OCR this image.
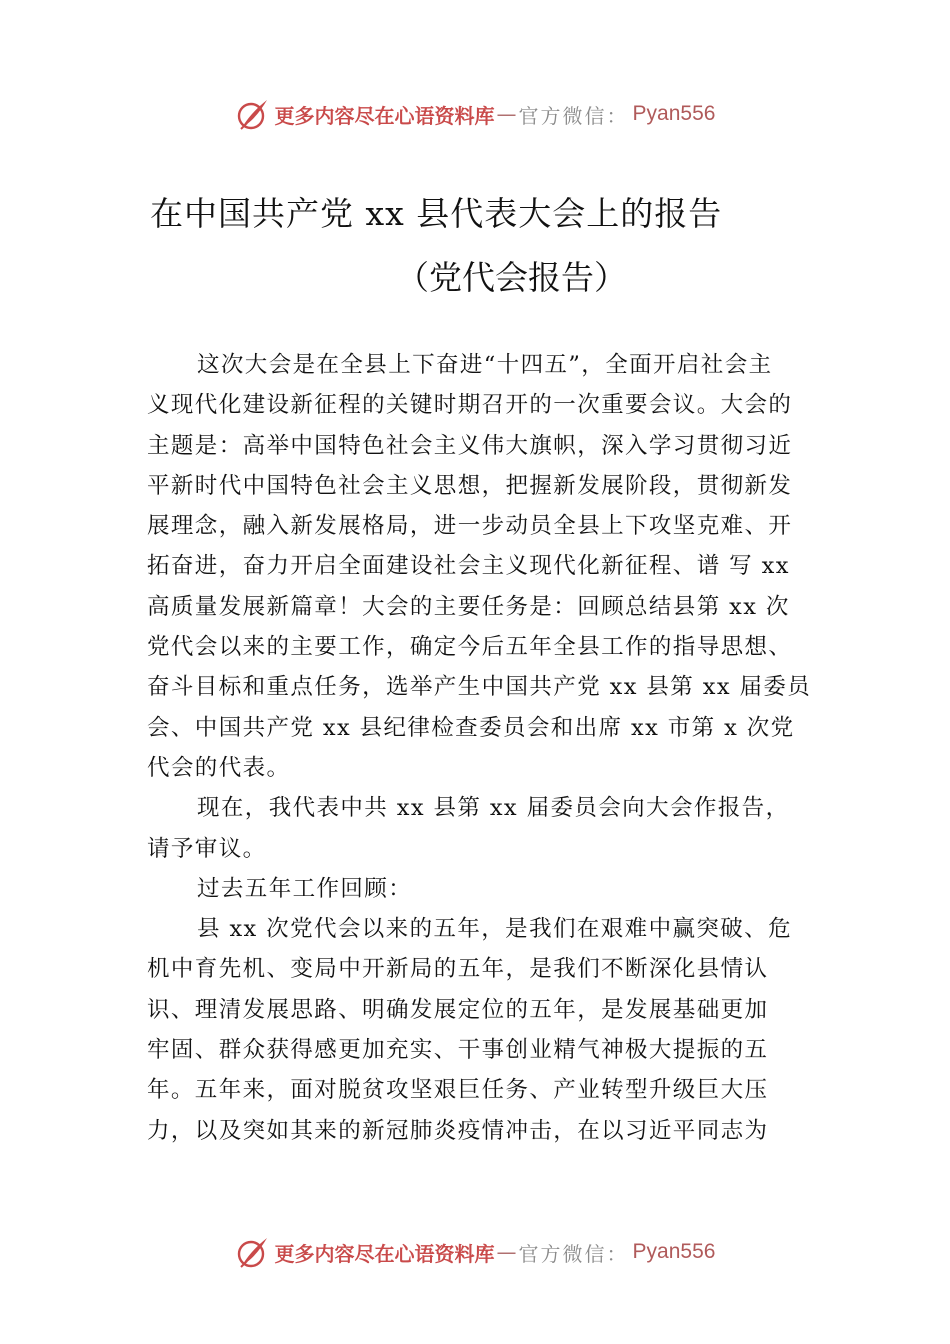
更多内容尽在心语资料库 — 官方微信： Pyan556
在中国共产党 xx 县代表大会上的报告
（党代会报告）
这次大会是在全县上下奋进“十四五”，全面开启社会主
义现代化建设新征程的关键时期召开的一次重要会议。大会的
主题是：高举中国特色社会主义伟大旗帜，深入学习贯彻习近
平新时代中国特色社会主义思想，把握新发展阶段，贯彻新发
展理念，融入新发展格局，进一步动员全县上下攻坚克难、开
拓奋进，奋力开启全面建设社会主义现代化新征程、谱 写 xx
高质量发展新篇章！大会的主要任务是：回顾总结县第 xx 次
党代会以来的主要工作，确定今后五年全县工作的指导思想、
奋斗目标和重点任务，选举产生中国共产党 xx 县第 xx 届委员
会、中国共产党 xx 县纪律检查委员会和出席 xx 市第 x 次党
代会的代表。
现在，我代表中共 xx 县第 xx 届委员会向大会作报告，
请予审议。
过去五年工作回顾：
县 xx 次党代会以来的五年，是我们在艰难中赢突破、危
机中育先机、变局中开新局的五年，是我们不断深化县情认
识、理清发展思路、明确发展定位的五年，是发展基础更加
牢固、群众获得感更加充实、干事创业精气神极大提振的五
年。五年来，面对脱贫攻坚艰巨任务、产业转型升级巨大压
力，以及突如其来的新冠肺炎疫情冲击，在以习近平同志为
更多内容尽在心语资料库 — 官方微信： Pyan556
